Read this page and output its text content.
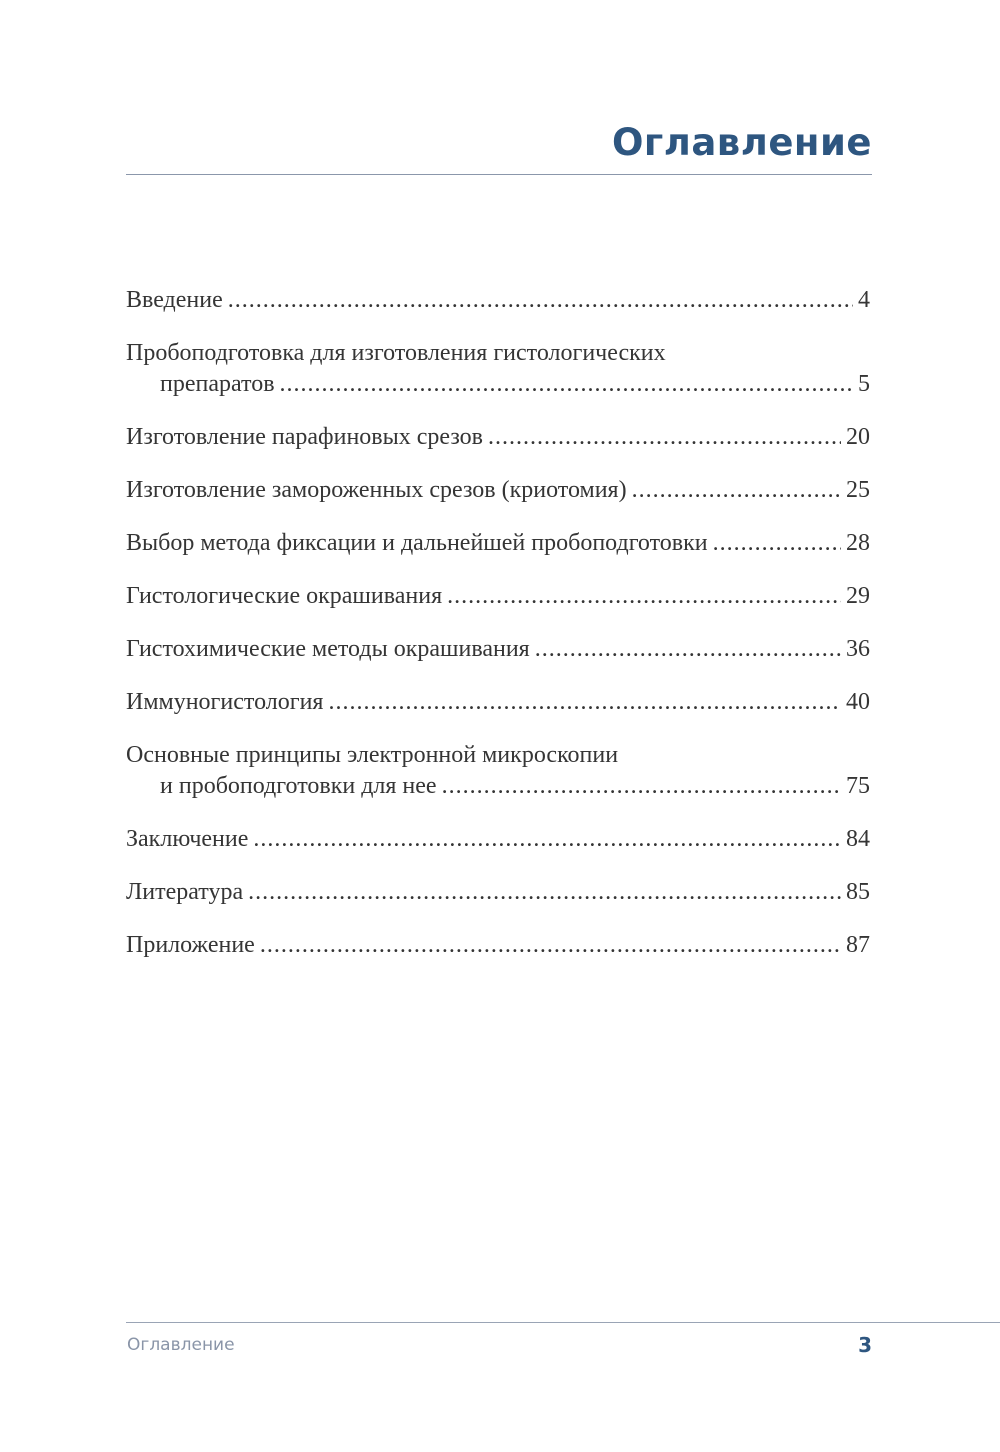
Оглавление
Введение .....	4
Пробоподготовка для изготовления гистологических
препаратов .....	5
Изготовление парафиновых срезов .....	20
Изготовление замороженных срезов (криотомия) .....	25
Выбор метода фиксации и дальнейшей пробоподготовки .....	28
Гистологические окрашивания .....	29
Гистохимические методы окрашивания .....	36
Иммуногистология .....	40
Основные принципы электронной микроскопии
и пробоподготовки для нее .....	75
Заключение .....	84
Литература .....	85
Приложение .....	87
Оглавление	3
